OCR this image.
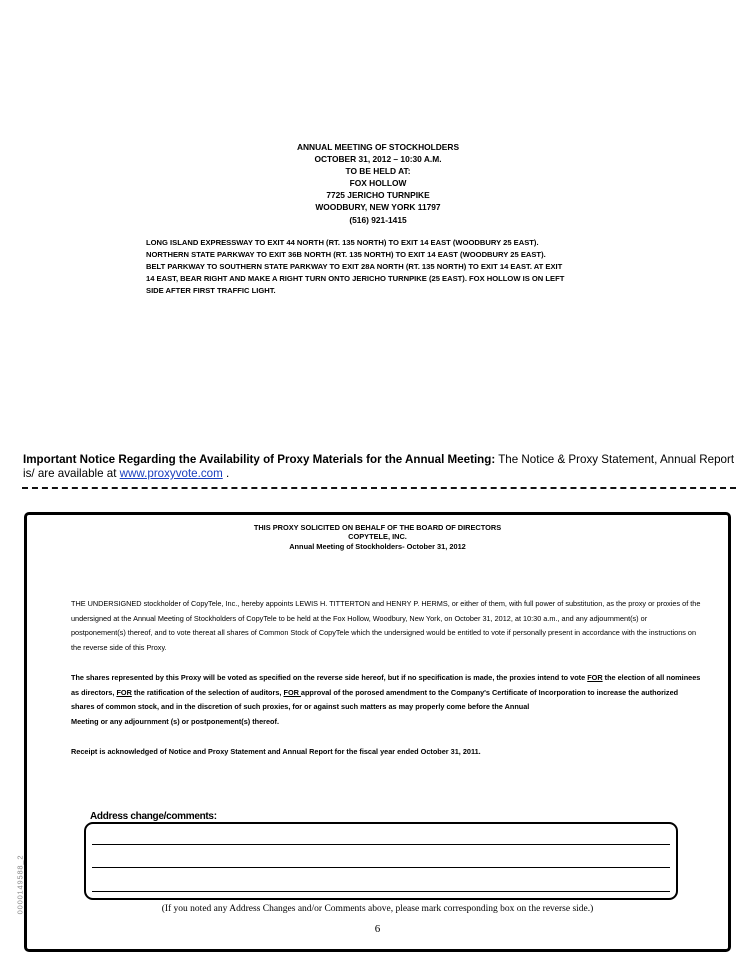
ANNUAL MEETING OF STOCKHOLDERS
OCTOBER 31, 2012 – 10:30 A.M.
TO BE HELD AT:
FOX HOLLOW
7725 JERICHO TURNPIKE
WOODBURY, NEW YORK 11797
(516) 921-1415
LONG ISLAND EXPRESSWAY TO EXIT 44 NORTH (RT. 135 NORTH) TO EXIT 14 EAST (WOODBURY 25 EAST).
NORTHERN STATE PARKWAY TO EXIT 36B NORTH (RT. 135 NORTH) TO EXIT 14 EAST (WOODBURY 25 EAST).
BELT PARKWAY TO SOUTHERN STATE PARKWAY TO EXIT 28A NORTH (RT. 135 NORTH) TO EXIT 14 EAST. AT EXIT
14 EAST, BEAR RIGHT AND MAKE A RIGHT TURN ONTO JERICHO TURNPIKE (25 EAST). FOX HOLLOW IS ON LEFT
SIDE AFTER FIRST TRAFFIC LIGHT.
Important Notice Regarding the Availability of Proxy Materials for the Annual Meeting: The Notice & Proxy Statement, Annual Report is/ are available at www.proxyvote.com .
THIS PROXY SOLICITED ON BEHALF OF THE BOARD OF DIRECTORS
COPYTELE, INC.
Annual Meeting of Stockholders- October 31, 2012
THE UNDERSIGNED stockholder of CopyTele, Inc., hereby appoints LEWIS H. TITTERTON and HENRY P. HERMS, or either of them, with full power of substitution, as the proxy or proxies of the undersigned at the Annual Meeting of Stockholders of CopyTele to be held at the Fox Hollow, Woodbury, New York, on October 31, 2012, at 10:30 a.m., and any adjournment(s) or postponement(s) thereof, and to vote thereat all shares of Common Stock of CopyTele which the undersigned would be entitled to vote if personally present in accordance with the instructions on the reverse side of this Proxy.
The shares represented by this Proxy will be voted as specified on the reverse side hereof, but if no specification is made, the proxies intend to vote FOR the election of all nominees as directors, FOR the ratification of the selection of auditors, FOR approval of the porosed amendment to the Company's Certificate of Incorporation to increase the authorized shares of common stock, and in the discretion of such proxies, for or against such matters as may properly come before the Annual
Meeting or any adjournment (s) or postponement(s) thereof.
Receipt is acknowledged of Notice and Proxy Statement and Annual Report for the fiscal year ended October 31, 2011.
Address change/comments:
(If you noted any Address Changes and/or Comments above, please mark corresponding box on the reverse side.)
6
0000149588_2
